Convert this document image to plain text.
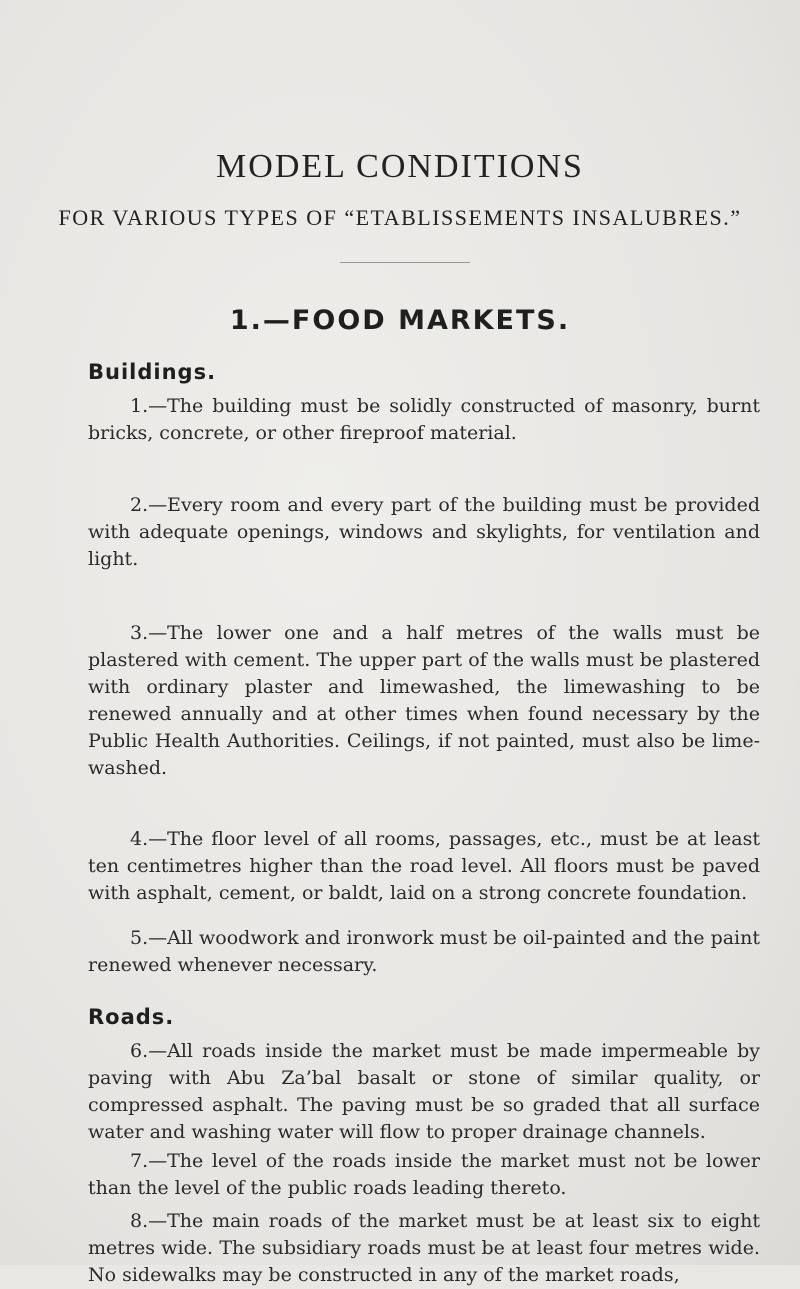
MODEL CONDITIONS
FOR VARIOUS TYPES OF “ETABLISSEMENTS INSALUBRES.”
1.—FOOD MARKETS.
Buildings.
1.—The building must be solidly constructed of masonry, burnt bricks, concrete, or other fireproof material.
2.—Every room and every part of the building must be provided with adequate openings, windows and skylights, for ventilation and light.
3.—The lower one and a half metres of the walls must be plastered with cement. The upper part of the walls must be plastered with ordinary plaster and limewashed, the limewashing to be renewed annually and at other times when found necessary by the Public Health Authorities. Ceilings, if not painted, must also be lime-washed.
4.—The floor level of all rooms, passages, etc., must be at least ten centimetres higher than the road level. All floors must be paved with asphalt, cement, or baldt, laid on a strong concrete foundation.
5.—All woodwork and ironwork must be oil-painted and the paint renewed whenever necessary.
Roads.
6.—All roads inside the market must be made impermeable by paving with Abu Za’bal basalt or stone of similar quality, or compressed asphalt. The paving must be so graded that all surface water and washing water will flow to proper drainage channels.
7.—The level of the roads inside the market must not be lower than the level of the public roads leading thereto.
8.—The main roads of the market must be at least six to eight metres wide. The subsidiary roads must be at least four metres wide. No sidewalks may be constructed in any of the market roads,
